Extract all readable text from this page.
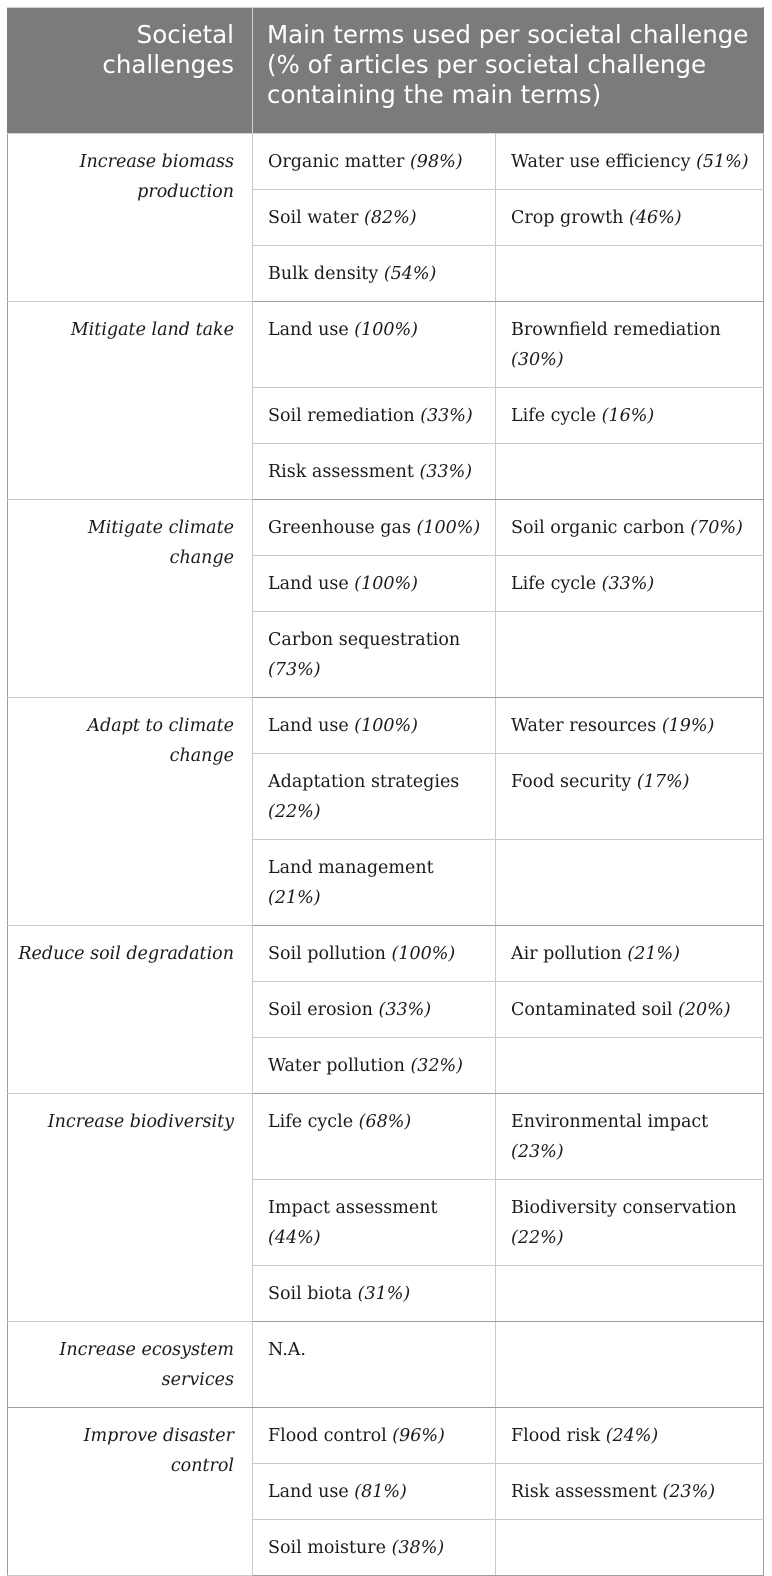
Societal challenges	Main terms used per societal challenge (% of articles per societal challenge containing the main terms)	
Increase biomass production	Organic matter (98%)	Water use efficiency (51%)
	Soil water (82%)	Crop growth (46%)
	Bulk density (54%)	
Mitigate land take	Land use (100%)	Brownfield remediation (30%)
	Soil remediation (33%)	Life cycle (16%)
	Risk assessment (33%)	
Mitigate climate change	Greenhouse gas (100%)	Soil organic carbon (70%)
	Land use (100%)	Life cycle (33%)
	Carbon sequestration (73%)	
Adapt to climate change	Land use (100%)	Water resources (19%)
	Adaptation strategies (22%)	Food security (17%)
	Land management (21%)	
Reduce soil degradation	Soil pollution (100%)	Air pollution (21%)
	Soil erosion (33%)	Contaminated soil (20%)
	Water pollution (32%)	
Increase biodiversity	Life cycle (68%)	Environmental impact (23%)
	Impact assessment (44%)	Biodiversity conservation (22%)
	Soil biota (31%)	
Increase ecosystem services	N.A.	
Improve disaster control	Flood control (96%)	Flood risk (24%)
	Land use (81%)	Risk assessment (23%)
	Soil moisture (38%)	
